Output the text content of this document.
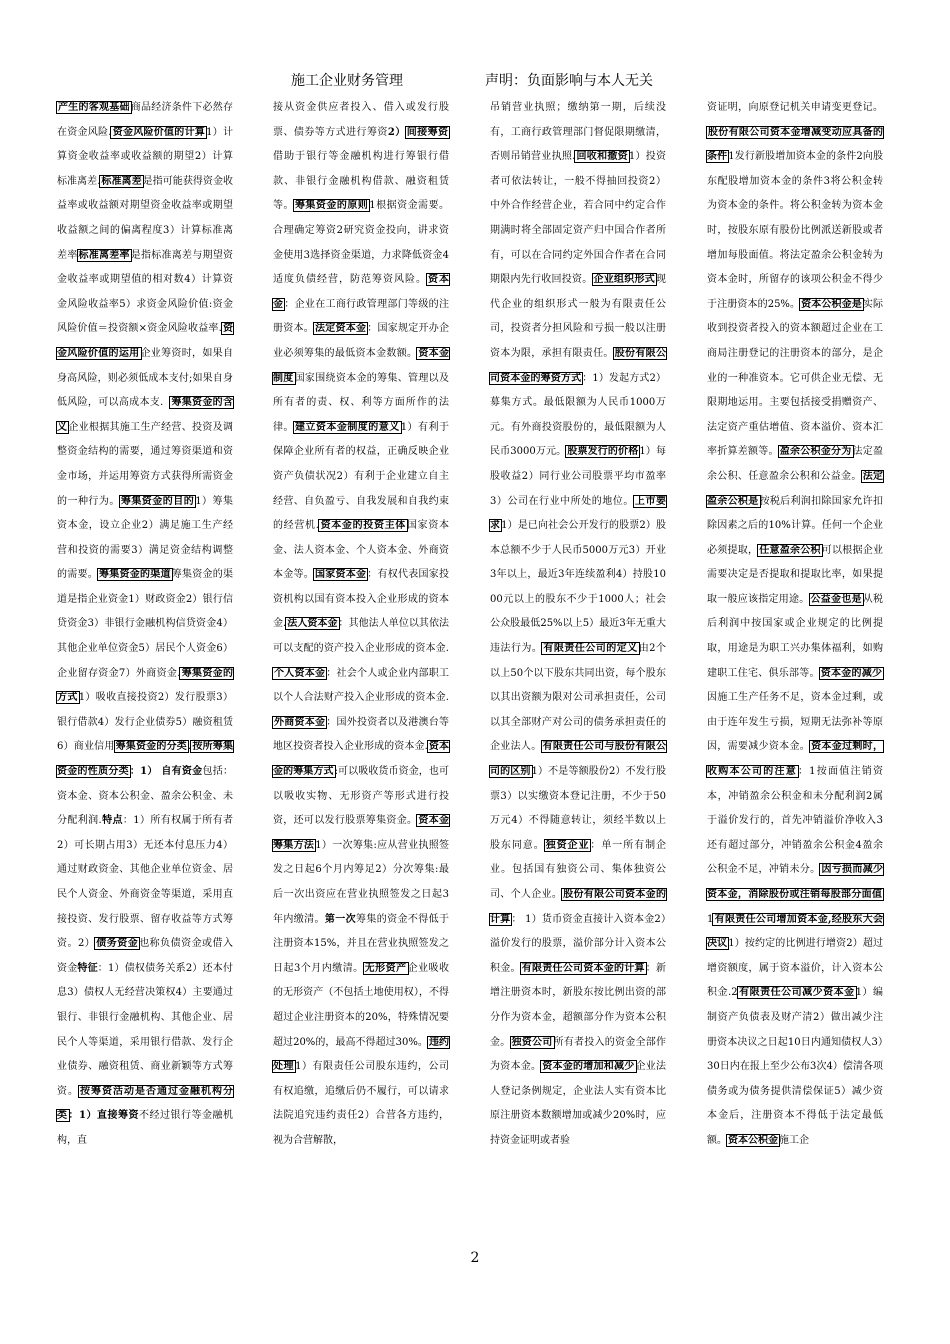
施工企业财务管理	声明：负面影响与本人无关
产生的客观基础商品经济条件下必然存在资金风险.资金风险价值的计算1）计算资金收益率或收益额的期望2）计算标准离差.标准离差是指可能获得资金收益率或收益额对期望资金收益率或期望收益额之间的偏离程度3）计算标准离差率标准离差率是指标准离差与期望资金收益率或期望值的相对数4）计算资金风险收益率5）求资金风险价值:资金风险价值＝投资额×资金风险收益率.资金风险价值的运用企业筹资时，如果自身高风险，则必须低成本支付;如果自身低风险，可以高成本支．筹集资金的含义企业根据其施工生产经营、投资及调整资金结构的需要，通过筹资渠道和资金市场，并运用筹资方式获得所需资金的一种行为。筹集资金的目的1）筹集资本金，设立企业2）满足施工生产经营和投资的需要3）满足资金结构调整的需要。筹集资金的渠道筹集资金的渠道是指企业资金1）财政资金2）银行信贷资金3）非银行金融机构信贷资金4）其他企业单位资金5）居民个人资金6）企业留存资金7）外商资金.筹集资金的方式1）吸收直接投资2）发行股票3）银行借款4）发行企业债券5）融资租赁6）商业信用筹集资金的分类.按所筹集资金的性质分类：1） 自有资金包括：资本金、资本公积金、盈余公积金、未分配利润.特点：1）所有权属于所有者2）可长期占用3）无还本付息压力4）通过财政资金、其他企业单位资金、居民个人资金、外商资金等渠道，采用直接投资、发行股票、留存收益等方式筹资。2）债务资金也称负债资金或借入资金特征：1）债权债务关系2）还本付息3）债权人无经营决策权4）主要通过银行、非银行金融机构、其他企业、居民个人等渠道，采用银行借款、发行企业债券、融资租赁、商业新颖等方式筹资。按筹资活动是否通过金融机构分类：1）直接筹资不经过银行等金融机构，直
接从资金供应者投入、借入或发行股票、债券等方式进行筹资2）间接筹资借助于银行等金融机构进行筹银行借款、非银行金融机构借款、融资租赁等。筹集资金的原则1根据资金需要。合理确定筹资2研究资金投向，讲求资金使用3选择资金渠道，力求降低资金4适度负债经营，防范筹资风险。资本金：企业在工商行政管理部门等级的注册资本。法定资本金：国家规定开办企业必须筹集的最低资本金数额。资本金制度国家围绕资本金的筹集、管理以及所有者的责、权、利等方面所作的法律。建立资本金制度的意义1）有利于保障企业所有者的权益，正确反映企业资产负债状况2）有利于企业建立自主经营、自负盈亏、自我发展和自我约束的经营机.资本金的投资主体国家资本金、法人资本金、个人资本金、外商资本金等。国家资本金：有权代表国家投资机构以国有资本投入企业形成的资本金.法人资本金：其他法人单位以其依法可以支配的资产投入企业形成的资本金.个人资本金：社会个人或企业内部职工以个人合法财产投入企业形成的资本金.外商资本金：国外投资者以及港澳台等地区投资者投入企业形成的资本金.资本金的筹集方式:可以吸收货币资金，也可以吸收实物、无形资产等形式进行投资，还可以发行股票筹集资金。资本金筹集方法1）一次筹集:应从营业执照签发之日起6个月内筹足2）分次筹集:最后一次出资应在营业执照签发之日起3年内缴清。第一次筹集的资金不得低于注册资本15%，并且在营业执照签发之日起3个月内缴清。无形资产企业吸收的无形资产（不包括土地使用权），不得超过企业注册资本的20%，特殊情况要超过20%的，最高不得超过30%。违约处理1）有限责任公司股东违约，公司有权追缴，追缴后仍不履行，可以请求法院追究违约责任2）合营各方违约，视为合营解散，
吊销营业执照；缴纳第一期，后续没有，工商行政管理部门督促限期缴清，否则吊销营业执照.回收和撤资1）投资者可依法转让，一般不得抽回投资2）中外合作经营企业，若合同中约定合作期满时将全部固定资产归中国合作者所有，可以在合同约定外国合作者在合同期限内先行收回投资。企业组织形式现代企业的组织形式一般为有限责任公司，投资者分担风险和亏损一般以注册资本为限，承担有限责任。股份有限公司资本金的筹资方式：1）发起方式2）募集方式。最低限额为人民币1000万元。有外商投资股份的，最低限额为人民币3000万元。股票发行的价格1）每股收益2）同行业公司股票平均市盈率3）公司在行业中所处的地位。上市要求1）是已向社会公开发行的股票2）股本总额不少于人民币5000万元3）开业3年以上，最近3年连续盈利4）持股1000元以上的股东不少于1000人；社会公众股最低25%以上5）最近3年无重大违法行为。有限责任公司的定义由2个以上50个以下股东共同出资，每个股东以其出资额为限对公司承担责任，公司以其全部财产对公司的债务承担责任的企业法人。有限责任公司与股份有限公司的区别1）不是等额股份2）不发行股票3）以实缴资本登记注册，不少于50万元4）不得随意转让，须经半数以上股东同意。独资企业：单一所有制企业。包括国有独资公司、集体独资公司、个人企业。股份有限公司资本金的计算： 1）货币资金直接计入资本金2）溢价发行的股票，溢价部分计入资本公积金。有限责任公司资本金的计算：新增注册资本时，新股东按比例出资的部分作为资本金，超额部分作为资本公积金。独资公司所有者投入的资金全部作为资本金。资本金的增加和减少企业法人登记条例规定，企业法人实有资本比原注册资本数额增加或减少20%时，应持资金证明或者验
资证明，向原登记机关申请变更登记。股份有限公司资本金增减变动应具备的条件1发行新股增加资本金的条件2向股东配股增加资本金的条件3将公积金转为资本金的条件。将公积金转为资本金时，按股东原有股份比例派送新股或者增加每股面值。将法定盈余公积金转为资本金时，所留存的该项公积金不得少于注册资本的25%。资本公积金是实际收到投资者投入的资本额超过企业在工商局注册登记的注册资本的部分，是企业的一种准资本。它可供企业无偿、无限期地运用。主要包括接受捐赠资产、法定资产重估增值、资本溢价、资本汇率折算差额等。盈余公积金分为法定盈余公积、任意盈余公积和公益金。法定盈余公积是按税后利润扣除国家允许扣除因素之后的10%计算。任何一个企业必须提取，任意盈余公积可以根据企业需要决定是否提取和提取比率，如果提取一般应该指定用途。公益金也是从税后利润中按国家或企业规定的比例提取，用途是为职工兴办集体福利，如购建职工住宅、俱乐部等。资本金的减少因施工生产任务不足，资本金过剩，或由于连年发生亏损，短期无法弥补等原因，需要减少资本金。资本金过剩时，收购本公司的注意：1按面值注销资本，冲销盈余公积金和未分配利润2属于溢价发行的，首先冲销溢价净收入3还有超过部分，冲销盈余公积金4盈余公积金不足，冲销未分。因亏损而减少资本金，消除股份或注销每股部分面值1有限责任公司增加资本金,经股东大会决议1）按约定的比例进行增资2）超过增资额度，属于资本溢价，计入资本公积金.2有限责任公司减少资本金1）编制资产负债表及财产清2）做出减少注册资本决议之日起10日内通知债权人3）30日内在报上至少公布3次4）偿清各项债务或为债务提供清偿保证5）减少资本金后，注册资本不得低于法定最低额。资本公积金施工企
2
